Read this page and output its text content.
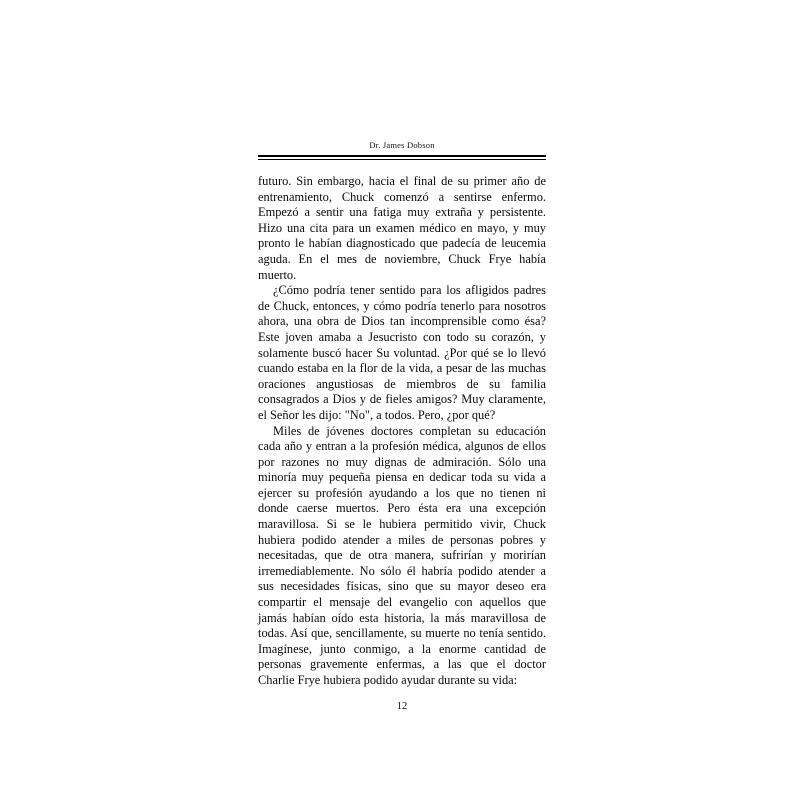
Dr. James Dobson

futuro. Sin embargo, hacia el final de su primer año de entrenamiento, Chuck comenzó a sentirse enfermo. Empezó a sentir una fatiga muy extraña y persistente. Hizo una cita para un examen médico en mayo, y muy pronto le habían diagnosticado que padecía de leucemia aguda. En el mes de noviembre, Chuck Frye había muerto.

¿Cómo podría tener sentido para los afligidos padres de Chuck, entonces, y cómo podría tenerlo para nosotros ahora, una obra de Dios tan incomprensible como ésa? Este joven amaba a Jesucristo con todo su corazón, y solamente buscó hacer Su voluntad. ¿Por qué se lo llevó cuando estaba en la flor de la vida, a pesar de las muchas oraciones angustiosas de miembros de su familia consagrados a Dios y de fieles amigos? Muy claramente, el Señor les dijo: "No", a todos. Pero, ¿por qué?

Miles de jóvenes doctores completan su educación cada año y entran a la profesión médica, algunos de ellos por razones no muy dignas de admiración. Sólo una minoría muy pequeña piensa en dedicar toda su vida a ejercer su profesión ayudando a los que no tienen ni donde caerse muertos. Pero ésta era una excepción maravillosa. Si se le hubiera permitido vivir, Chuck hubiera podido atender a miles de personas pobres y necesitadas, que de otra manera, sufrirían y morirían irremediablemente. No sólo él habría podido atender a sus necesidades físicas, sino que su mayor deseo era compartir el mensaje del evangelio con aquellos que jamás habían oído esta historia, la más maravillosa de todas. Así que, sencillamente, su muerte no tenía sentido. Imagínese, junto conmigo, a la enorme cantidad de personas gravemente enfermas, a las que el doctor Charlie Frye hubiera podido ayudar durante su vida:

12
